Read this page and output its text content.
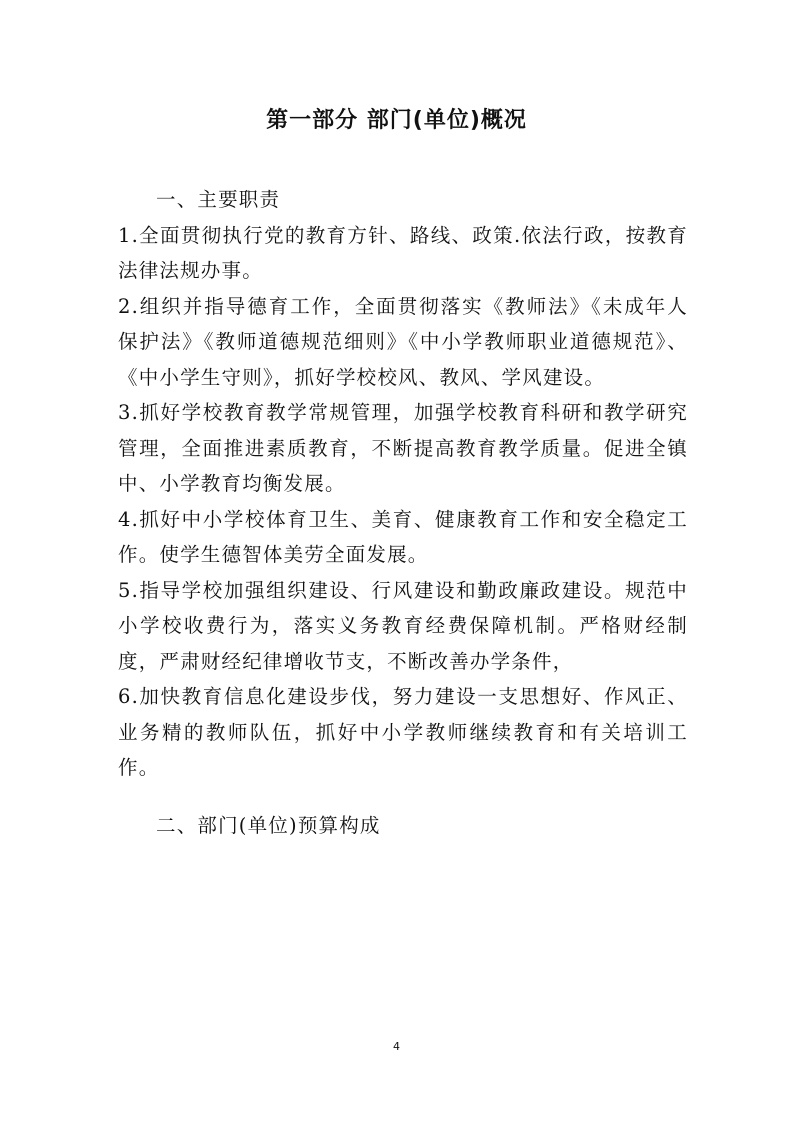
第一部分 部门(单位)概况

一、主要职责

1.全面贯彻执行党的教育方针、路线、政策.依法行政，按教育法律法规办事。

2.组织并指导德育工作，全面贯彻落实《教师法》《未成年人保护法》《教师道德规范细则》《中小学教师职业道德规范》、《中小学生守则》，抓好学校校风、教风、学风建设。

3.抓好学校教育教学常规管理，加强学校教育科研和教学研究管理，全面推进素质教育，不断提高教育教学质量。促进全镇中、小学教育均衡发展。

4.抓好中小学校体育卫生、美育、健康教育工作和安全稳定工作。使学生德智体美劳全面发展。

5.指导学校加强组织建设、行风建设和勤政廉政建设。规范中小学校收费行为，落实义务教育经费保障机制。严格财经制度，严肃财经纪律增收节支，不断改善办学条件，

6.加快教育信息化建设步伐，努力建设一支思想好、作风正、业务精的教师队伍，抓好中小学教师继续教育和有关培训工作。

二、部门(单位)预算构成

4
